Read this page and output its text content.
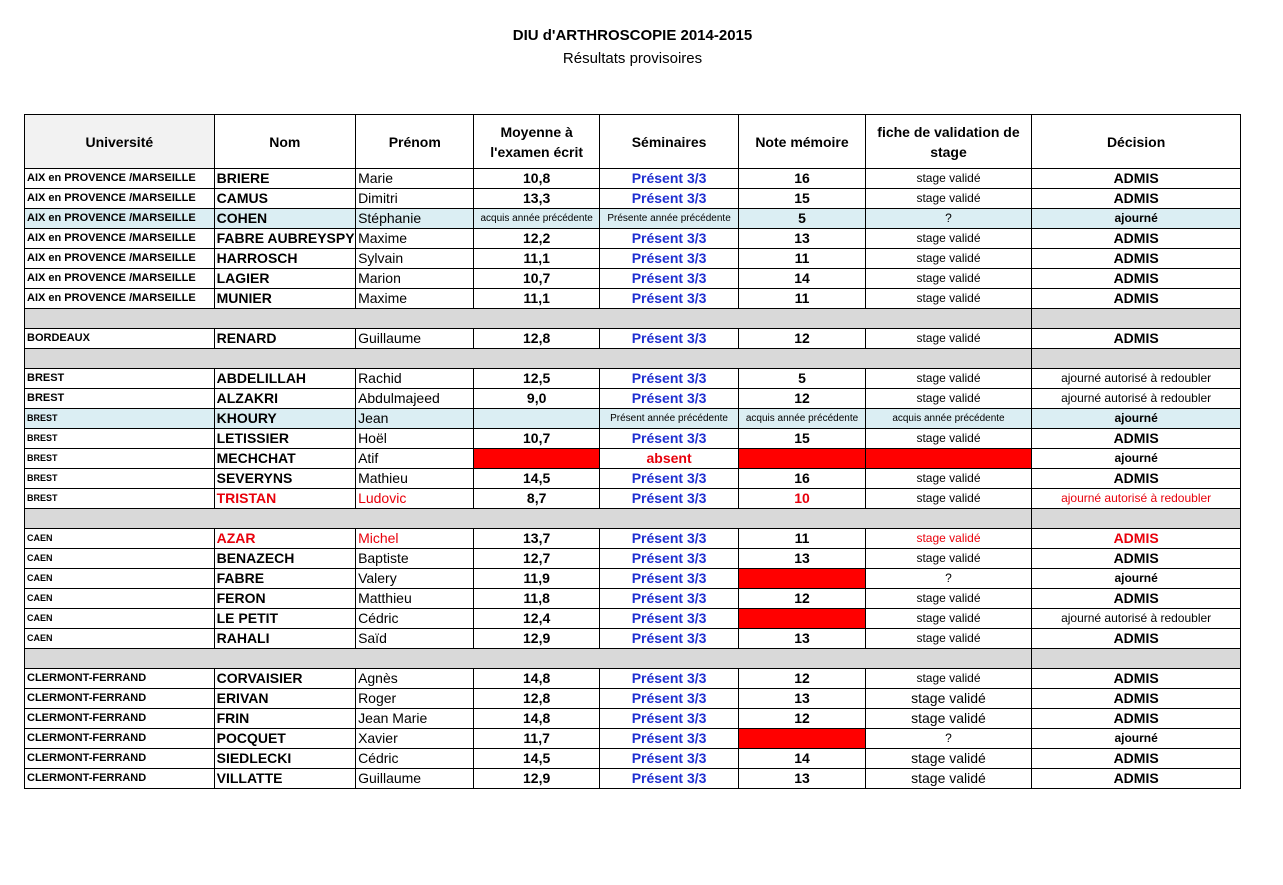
DIU d'ARTHROSCOPIE 2014-2015
Résultats provisoires
Université	Nom	Prénom	Moyenne à l'examen écrit	Séminaires	Note mémoire	fiche de validation de stage	Décision
AIX en PROVENCE /MARSEILLE	BRIERE	Marie	10,8	Présent 3/3	16	stage validé	ADMIS
AIX en PROVENCE /MARSEILLE	CAMUS	Dimitri	13,3	Présent 3/3	15	stage validé	ADMIS
AIX en PROVENCE /MARSEILLE	COHEN	Stéphanie	acquis année précédente	Présente année précédente	5	?	ajourné
AIX en PROVENCE /MARSEILLE	FABRE AUBREYSPY	Maxime	12,2	Présent 3/3	13	stage validé	ADMIS
AIX en PROVENCE /MARSEILLE	HARROSCH	Sylvain	11,1	Présent 3/3	11	stage validé	ADMIS
AIX en PROVENCE /MARSEILLE	LAGIER	Marion	10,7	Présent 3/3	14	stage validé	ADMIS
AIX en PROVENCE /MARSEILLE	MUNIER	Maxime	11,1	Présent 3/3	11	stage validé	ADMIS

BORDEAUX	RENARD	Guillaume	12,8	Présent 3/3	12	stage validé	ADMIS

BREST	ABDELILLAH	Rachid	12,5	Présent 3/3	5	stage validé	ajourné autorisé à redoubler
BREST	ALZAKRI	Abdulmajeed	9,0	Présent 3/3	12	stage validé	ajourné autorisé à redoubler
BREST	KHOURY	Jean		Présent année précédente	acquis année précédente	acquis année précédente	ajourné
BREST	LETISSIER	Hoël	10,7	Présent 3/3	15	stage validé	ADMIS
BREST	MECHCHAT	Atif		absent			ajourné
BREST	SEVERYNS	Mathieu	14,5	Présent 3/3	16	stage validé	ADMIS
BREST	TRISTAN	Ludovic	8,7	Présent 3/3	10	stage validé	ajourné autorisé à redoubler

CAEN	AZAR	Michel	13,7	Présent 3/3	11	stage validé	ADMIS
CAEN	BENAZECH	Baptiste	12,7	Présent 3/3	13	stage validé	ADMIS
CAEN	FABRE	Valery	11,9	Présent 3/3		?	ajourné
CAEN	FERON	Matthieu	11,8	Présent 3/3	12	stage validé	ADMIS
CAEN	LE PETIT	Cédric	12,4	Présent 3/3		stage validé	ajourné autorisé à redoubler
CAEN	RAHALI	Saïd	12,9	Présent 3/3	13	stage validé	ADMIS

CLERMONT-FERRAND	CORVAISIER	Agnès	14,8	Présent 3/3	12	stage validé	ADMIS
CLERMONT-FERRAND	ERIVAN	Roger	12,8	Présent 3/3	13	stage validé	ADMIS
CLERMONT-FERRAND	FRIN	Jean Marie	14,8	Présent 3/3	12	stage validé	ADMIS
CLERMONT-FERRAND	POCQUET	Xavier	11,7	Présent 3/3		?	ajourné
CLERMONT-FERRAND	SIEDLECKI	Cédric	14,5	Présent 3/3	14	stage validé	ADMIS
CLERMONT-FERRAND	VILLATTE	Guillaume	12,9	Présent 3/3	13	stage validé	ADMIS
